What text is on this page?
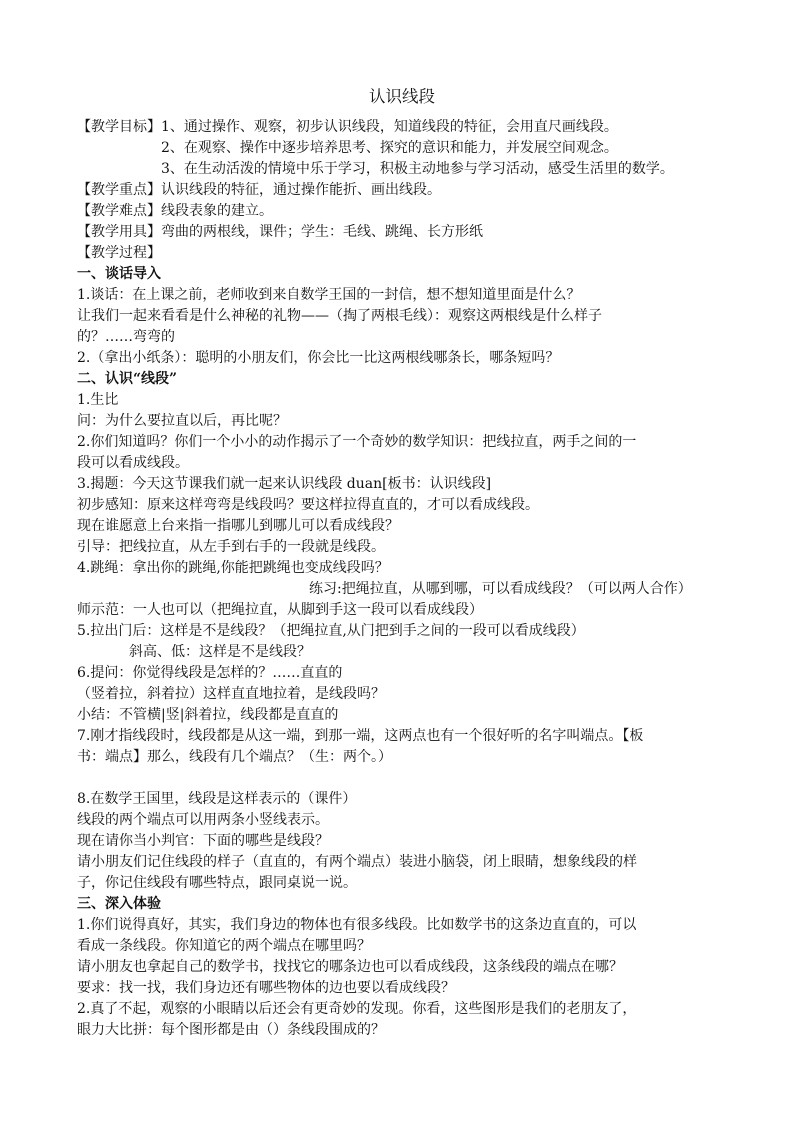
认识线段
【教学目标】1、通过操作、观察，初步认识线段，知道线段的特征，会用直尺画线段。
2、在观察、操作中逐步培养思考、探究的意识和能力，并发展空间观念。
3、在生动活泼的情境中乐于学习，积极主动地参与学习活动，感受生活里的数学。
【教学重点】认识线段的特征，通过操作能折、画出线段。
【教学难点】线段表象的建立。
【教学用具】弯曲的两根线，课件；学生：毛线、跳绳、长方形纸
【教学过程】
一、谈话导入
1.谈话：在上课之前，老师收到来自数学王国的一封信，想不想知道里面是什么？
让我们一起来看看是什么神秘的礼物——（掏了两根毛线）：观察这两根线是什么样子
的？……弯弯的
2.（拿出小纸条）：聪明的小朋友们，你会比一比这两根线哪条长，哪条短吗？
二、认识“线段”
1.生比
问：为什么要拉直以后，再比呢？
2.你们知道吗？你们一个小小的动作揭示了一个奇妙的数学知识：把线拉直，两手之间的一
段可以看成线段。
3.揭题：今天这节课我们就一起来认识线段 duan[板书：认识线段]
初步感知：原来这样弯弯是线段吗？要这样拉得直直的，才可以看成线段。
现在谁愿意上台来指一指哪儿到哪儿可以看成线段？
引导：把线拉直，从左手到右手的一段就是线段。
4.跳绳：拿出你的跳绳,你能把跳绳也变成线段吗？
练习:把绳拉直，从哪到哪，可以看成线段？（可以两人合作）
师示范：一人也可以（把绳拉直，从脚到手这一段可以看成线段）
5.拉出门后：这样是不是线段？（把绳拉直,从门把到手之间的一段可以看成线段）
斜高、低：这样是不是线段？
6.提问：你觉得线段是怎样的？……直直的
（竖着拉，斜着拉）这样直直地拉着，是线段吗？
小结：不管横|竖|斜着拉，线段都是直直的
7.刚才指线段时，线段都是从这一端，到那一端，这两点也有一个很好听的名字叫端点。【板
书：端点】那么，线段有几个端点？（生：两个。）
8.在数学王国里，线段是这样表示的（课件）
线段的两个端点可以用两条小竖线表示。
现在请你当小判官：下面的哪些是线段？
请小朋友们记住线段的样子（直直的，有两个端点）装进小脑袋，闭上眼睛，想象线段的样
子，你记住线段有哪些特点，跟同桌说一说。
三、深入体验
1.你们说得真好，其实，我们身边的物体也有很多线段。比如数学书的这条边直直的，可以
看成一条线段。你知道它的两个端点在哪里吗？
请小朋友也拿起自己的数学书，找找它的哪条边也可以看成线段，这条线段的端点在哪？
要求：找一找，我们身边还有哪些物体的边也要以看成线段？
2.真了不起，观察的小眼睛以后还会有更奇妙的发现。你看，这些图形是我们的老朋友了，
眼力大比拼：每个图形都是由（）条线段围成的？
